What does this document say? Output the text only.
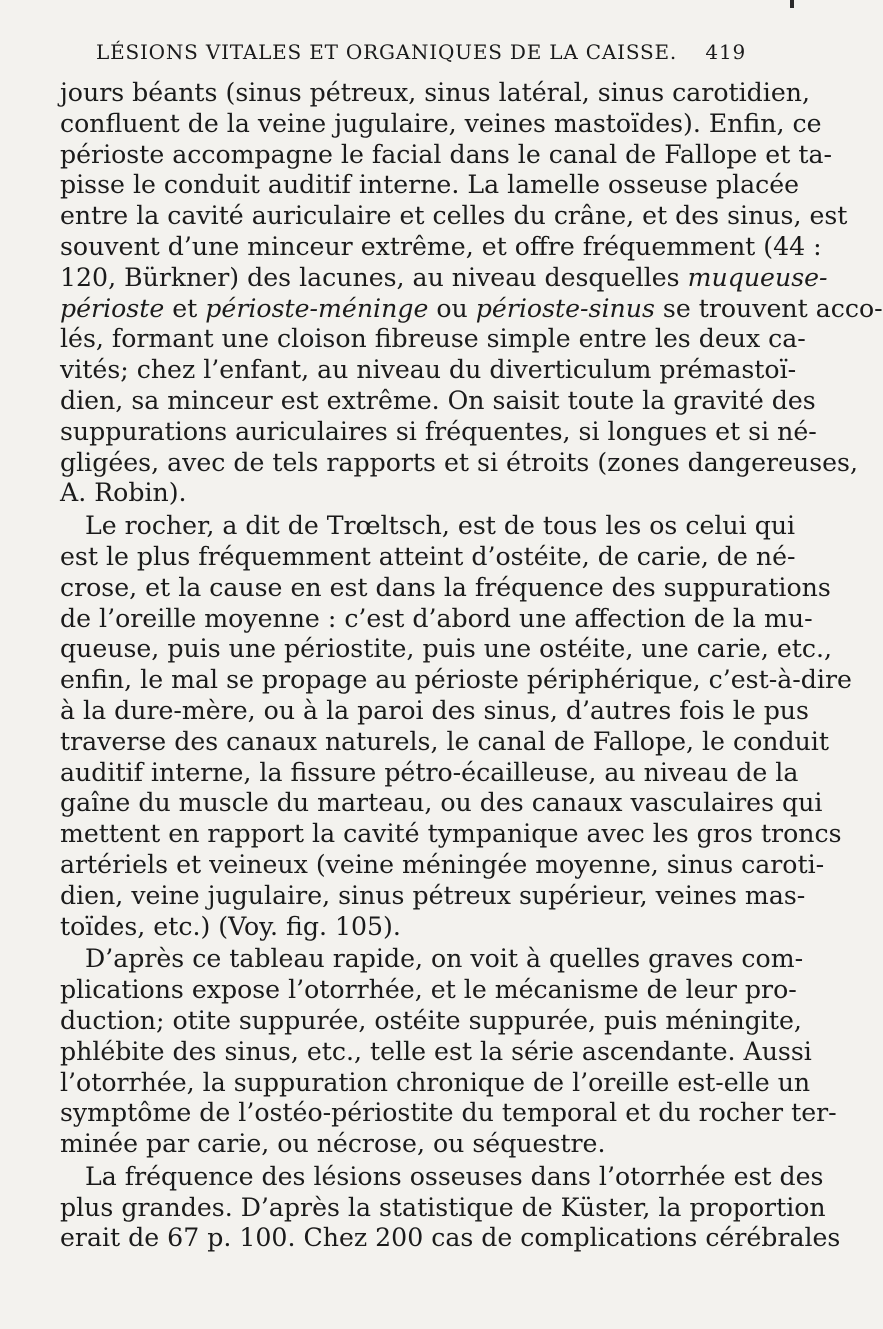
LÉSIONS VITALES ET ORGANIQUES DE LA CAISSE. 419
jours béants (sinus pétreux, sinus latéral, sinus carotidien,
confluent de la veine jugulaire, veines mastoïdes). Enfin, ce
périoste accompagne le facial dans le canal de Fallope et ta-
pisse le conduit auditif interne. La lamelle osseuse placée
entre la cavité auriculaire et celles du crâne, et des sinus, est
souvent d’une minceur extrême, et offre fréquemment (44 :
120, Bürkner) des lacunes, au niveau desquelles muqueuse-
périoste et périoste-méninge ou périoste-sinus se trouvent acco-
lés, formant une cloison fibreuse simple entre les deux ca-
vités; chez l’enfant, au niveau du diverticulum prémastoï-
dien, sa minceur est extrême. On saisit toute la gravité des
suppurations auriculaires si fréquentes, si longues et si né-
gligées, avec de tels rapports et si étroits (zones dangereuses,
A. Robin).
Le rocher, a dit de Trœltsch, est de tous les os celui qui
est le plus fréquemment atteint d’ostéite, de carie, de né-
crose, et la cause en est dans la fréquence des suppurations
de l’oreille moyenne : c’est d’abord une affection de la mu-
queuse, puis une périostite, puis une ostéite, une carie, etc.,
enfin, le mal se propage au périoste périphérique, c’est-à-dire
à la dure-mère, ou à la paroi des sinus, d’autres fois le pus
traverse des canaux naturels, le canal de Fallope, le conduit
auditif interne, la fissure pétro-écailleuse, au niveau de la
gaîne du muscle du marteau, ou des canaux vasculaires qui
mettent en rapport la cavité tympanique avec les gros troncs
artériels et veineux (veine méningée moyenne, sinus caroti-
dien, veine jugulaire, sinus pétreux supérieur, veines mas-
toïdes, etc.) (Voy. fig. 105).
D’après ce tableau rapide, on voit à quelles graves com-
plications expose l’otorrhée, et le mécanisme de leur pro-
duction; otite suppurée, ostéite suppurée, puis méningite,
phlébite des sinus, etc., telle est la série ascendante. Aussi
l’otorrhée, la suppuration chronique de l’oreille est-elle un
symptôme de l’ostéo-périostite du temporal et du rocher ter-
minée par carie, ou nécrose, ou séquestre.
La fréquence des lésions osseuses dans l’otorrhée est des
plus grandes. D’après la statistique de Küster, la proportion
erait de 67 p. 100. Chez 200 cas de complications cérébrales
